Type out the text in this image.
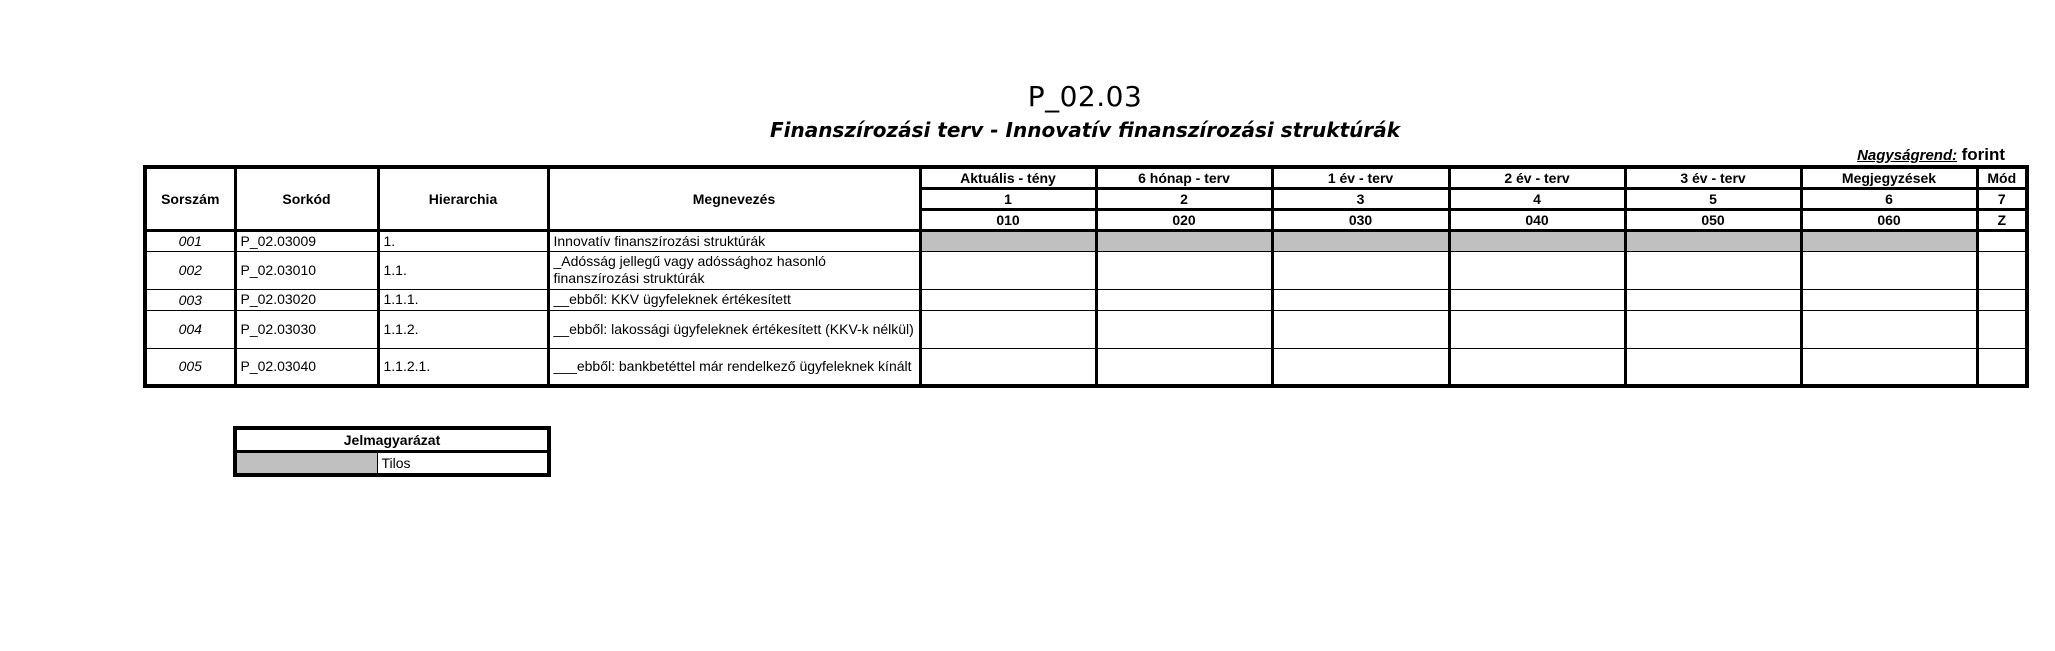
P_02.03
Finanszírozási terv - Innovatív finanszírozási struktúrák
Nagyságrend: forint
Sorszám	Sorkód	Hierarchia	Megnevezés	Aktuális - tény	6 hónap - terv	1 év - terv	2 év - terv	3 év - terv	Megjegyzések	Mód
				1	2	3	4	5	6	7
				010	020	030	040	050	060	Z
001	P_02.03009	1.	Innovatív finanszírozási struktúrák							
002	P_02.03010	1.1.	_Adósság jellegű vagy adóssághoz hasonló finanszírozási struktúrák							
003	P_02.03020	1.1.1.	__ebből: KKV ügyfeleknek értékesített							
004	P_02.03030	1.1.2.	__ebből: lakossági ügyfeleknek értékesített (KKV-k nélkül)							
005	P_02.03040	1.1.2.1.	___ebből: bankbetéttel már rendelkező ügyfeleknek kínált							
Jelmagyarázat
	Tilos
